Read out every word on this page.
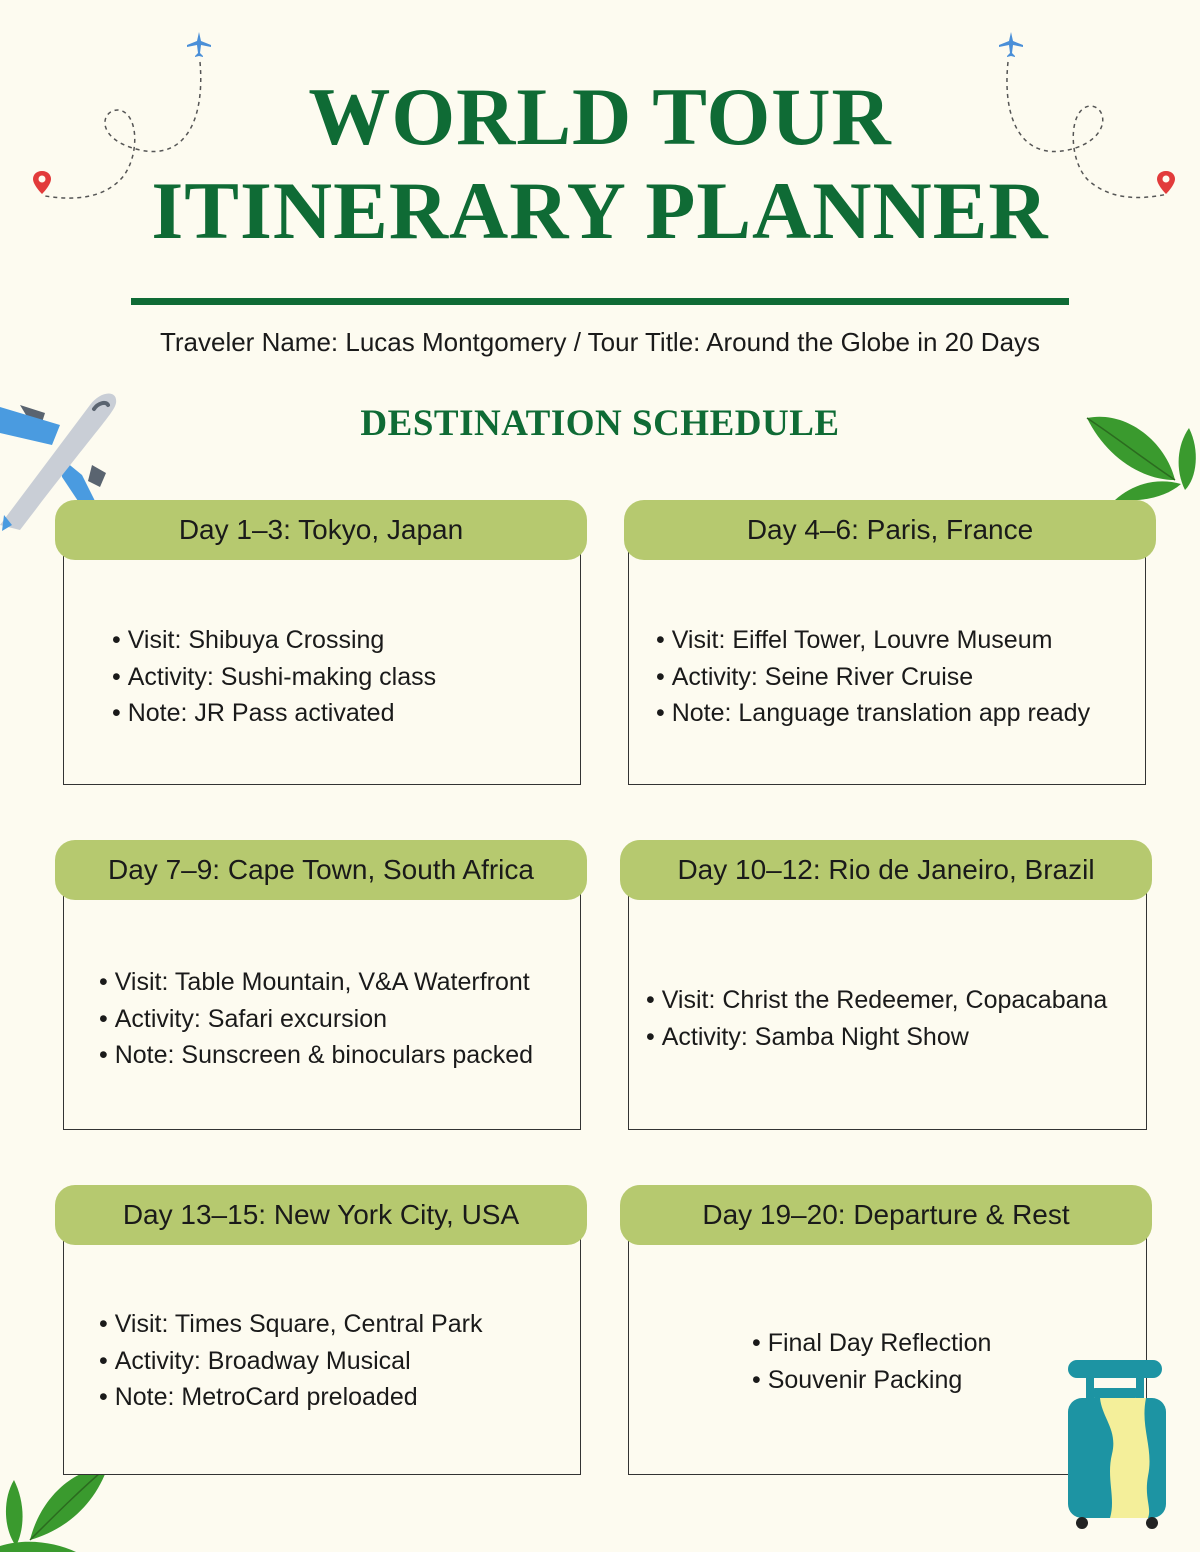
WORLD TOUR
ITINERARY PLANNER
Traveler Name: Lucas Montgomery / Tour Title: Around the Globe in 20 Days
DESTINATION SCHEDULE
Day 1–3: Tokyo, Japan
• Visit: Shibuya Crossing
• Activity: Sushi-making class
• Note: JR Pass activated
Day 4–6: Paris, France
• Visit: Eiffel Tower, Louvre Museum
• Activity: Seine River Cruise
• Note: Language translation app ready
Day 7–9: Cape Town, South Africa
• Visit: Table Mountain, V&A Waterfront
• Activity: Safari excursion
• Note: Sunscreen & binoculars packed
Day 10–12: Rio de Janeiro, Brazil
• Visit: Christ the Redeemer, Copacabana
• Activity: Samba Night Show
Day 13–15: New York City, USA
• Visit: Times Square, Central Park
• Activity: Broadway Musical
• Note: MetroCard preloaded
Day 19–20: Departure & Rest
• Final Day Reflection
• Souvenir Packing
